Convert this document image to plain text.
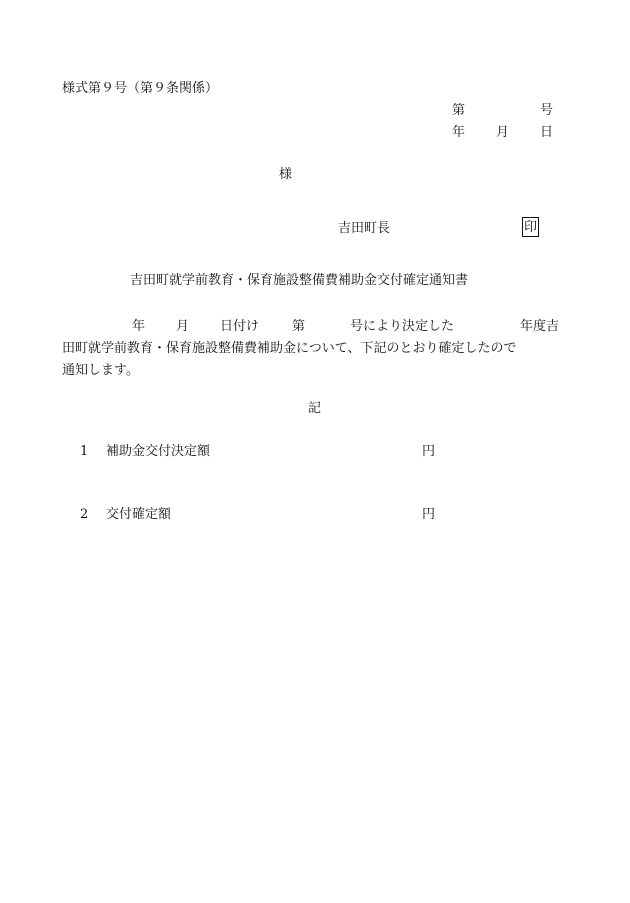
様式第９号（第９条関係）
第	号
年 月 日
様
吉田町長	印
吉田町就学前教育・保育施設整備費補助金交付確定通知書
年 月 日付け	第	号により決定した	年度吉
田町就学前教育・保育施設整備費補助金について、下記のとおり確定したので
通知します。
記
1 補助金交付決定額	円
2 交付確定額	円
